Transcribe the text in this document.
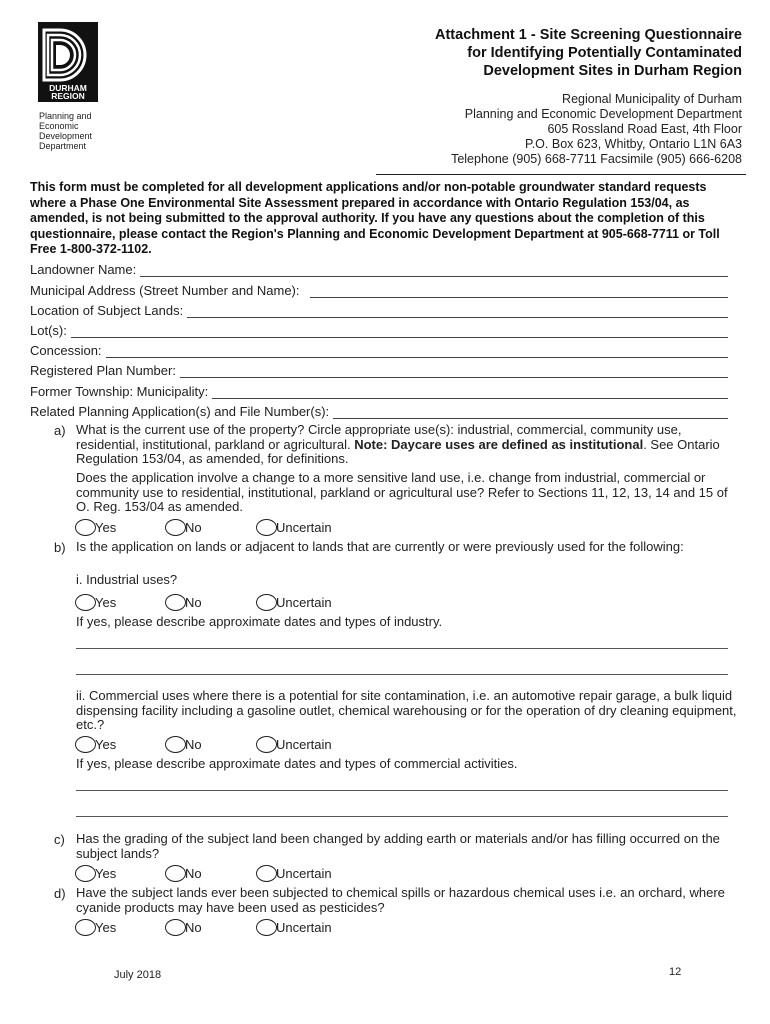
DURHAM
REGION
Planning and
Economic
Development
Department
Attachment 1 - Site Screening Questionnaire
for Identifying Potentially Contaminated
Development Sites in Durham Region
Regional Municipality of Durham
Planning and Economic Development Department
605 Rossland Road East, 4th Floor
P.O. Box 623, Whitby, Ontario L1N 6A3
Telephone (905) 668-7711 Facsimile (905) 666-6208
This form must be completed for all development applications and/or non-potable groundwater standard requests where a Phase One Environmental Site Assessment prepared in accordance with Ontario Regulation 153/04, as amended, is not being submitted to the approval authority. If you have any questions about the completion of this questionnaire, please contact the Region's Planning and Economic Development Department at 905-668-7711 or Toll Free 1-800-372-1102.
Landowner Name:
Municipal Address (Street Number and Name):
Location of Subject Lands:
Lot(s):
Concession:
Registered Plan Number:
Former Township: Municipality:
Related Planning Application(s) and File Number(s):
a) What is the current use of the property? Circle appropriate use(s): industrial, commercial, community use, residential, institutional, parkland or agricultural. Note: Daycare uses are defined as institutional. See Ontario Regulation 153/04, as amended, for definitions.
Does the application involve a change to a more sensitive land use, i.e. change from industrial, commercial or community use to residential, institutional, parkland or agricultural use? Refer to Sections 11, 12, 13, 14 and 15 of O. Reg. 153/04 as amended.
Yes	No	Uncertain
b) Is the application on lands or adjacent to lands that are currently or were previously used for the following:
i. Industrial uses?
Yes	No	Uncertain
If yes, please describe approximate dates and types of industry.
ii. Commercial uses where there is a potential for site contamination, i.e. an automotive repair garage, a bulk liquid dispensing facility including a gasoline outlet, chemical warehousing or for the operation of dry cleaning equipment, etc.?
Yes	No	Uncertain
If yes, please describe approximate dates and types of commercial activities.
c) Has the grading of the subject land been changed by adding earth or materials and/or has filling occurred on the subject lands?
Yes	No	Uncertain
d) Have the subject lands ever been subjected to chemical spills or hazardous chemical uses i.e. an orchard, where cyanide products may have been used as pesticides?
Yes	No	Uncertain
July 2018	12
